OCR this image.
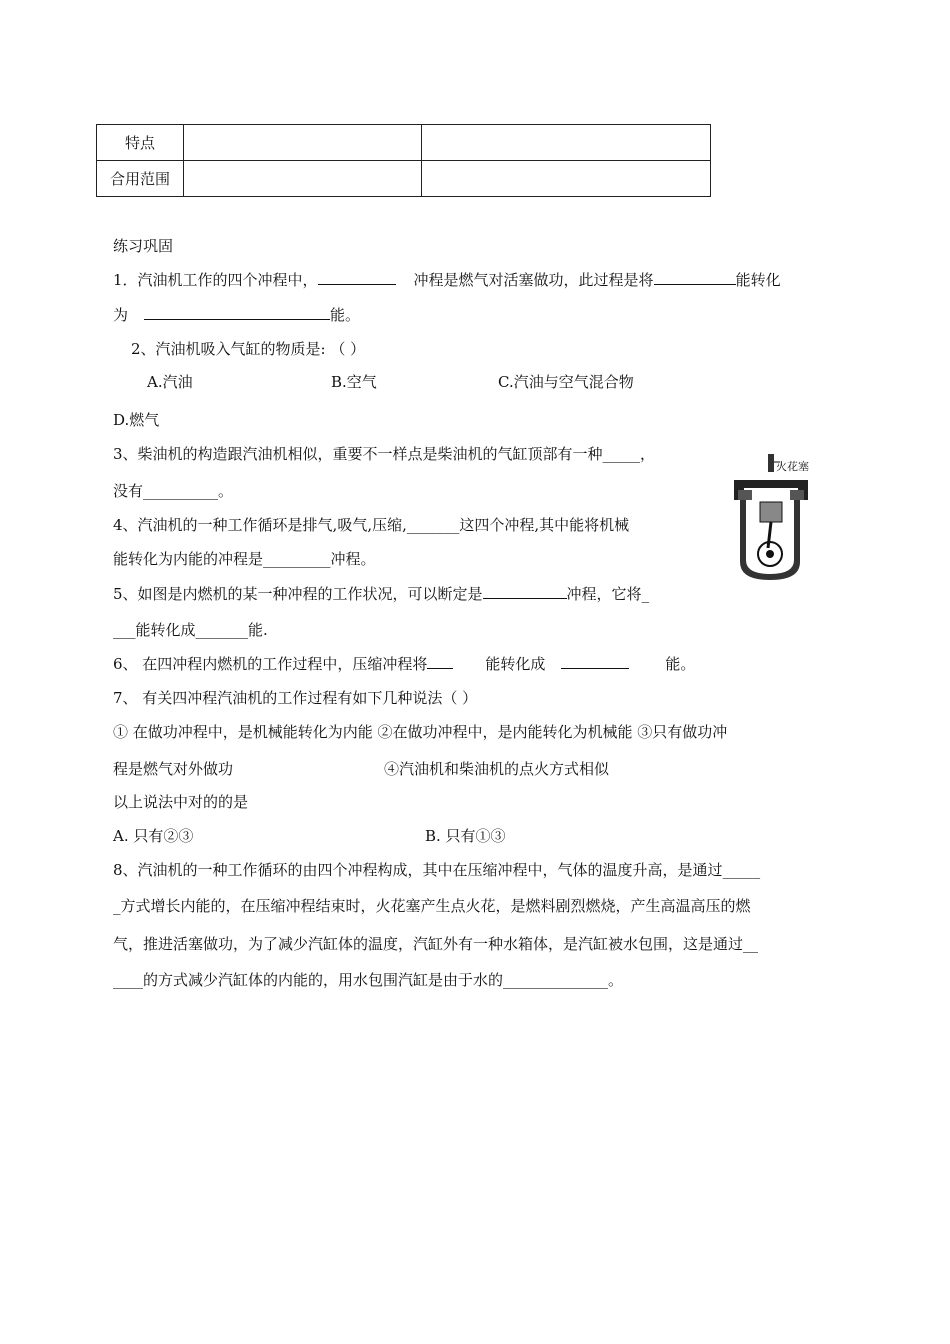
特点		
合用范围		
练习巩固
1．汽油机工作的四个冲程中，	冲程是燃气对活塞做功，此过程是将	能转化
为	能。
2、汽油机吸入气缸的物质是: （ ）
A.汽油	B.空气	C.汽油与空气混合物
D.燃气
3、柴油机的构造跟汽油机相似，重要不一样点是柴油机的气缸顶部有一种_____，
没有__________。
4、汽油机的一种工作循环是排气,吸气,压缩,_______这四个冲程,其中能将机械
能转化为内能的冲程是_________冲程。
5、如图是内燃机的某一种冲程的工作状况，可以断定是	冲程，它将_
___能转化成_______能.
6、 在四冲程内燃机的工作过程中，压缩冲程将	能转化成	能。
7、 有关四冲程汽油机的工作过程有如下几种说法（ ）
① 在做功冲程中，是机械能转化为内能 ②在做功冲程中，是内能转化为机械能 ③只有做功冲
程是燃气对外做功	④汽油机和柴油机的点火方式相似
以上说法中对的的是
A. 只有②③	B. 只有①③
8、汽油机的一种工作循环的由四个冲程构成，其中在压缩冲程中，气体的温度升高，是通过_____
_方式增长内能的，在压缩冲程结束时，火花塞产生点火花，是燃料剧烈燃烧，产生高温高压的燃
气，推进活塞做功，为了减少汽缸体的温度，汽缸外有一种水箱体，是汽缸被水包围，这是通过__
____的方式减少汽缸体的内能的，用水包围汽缸是由于水的______________。
火花塞
